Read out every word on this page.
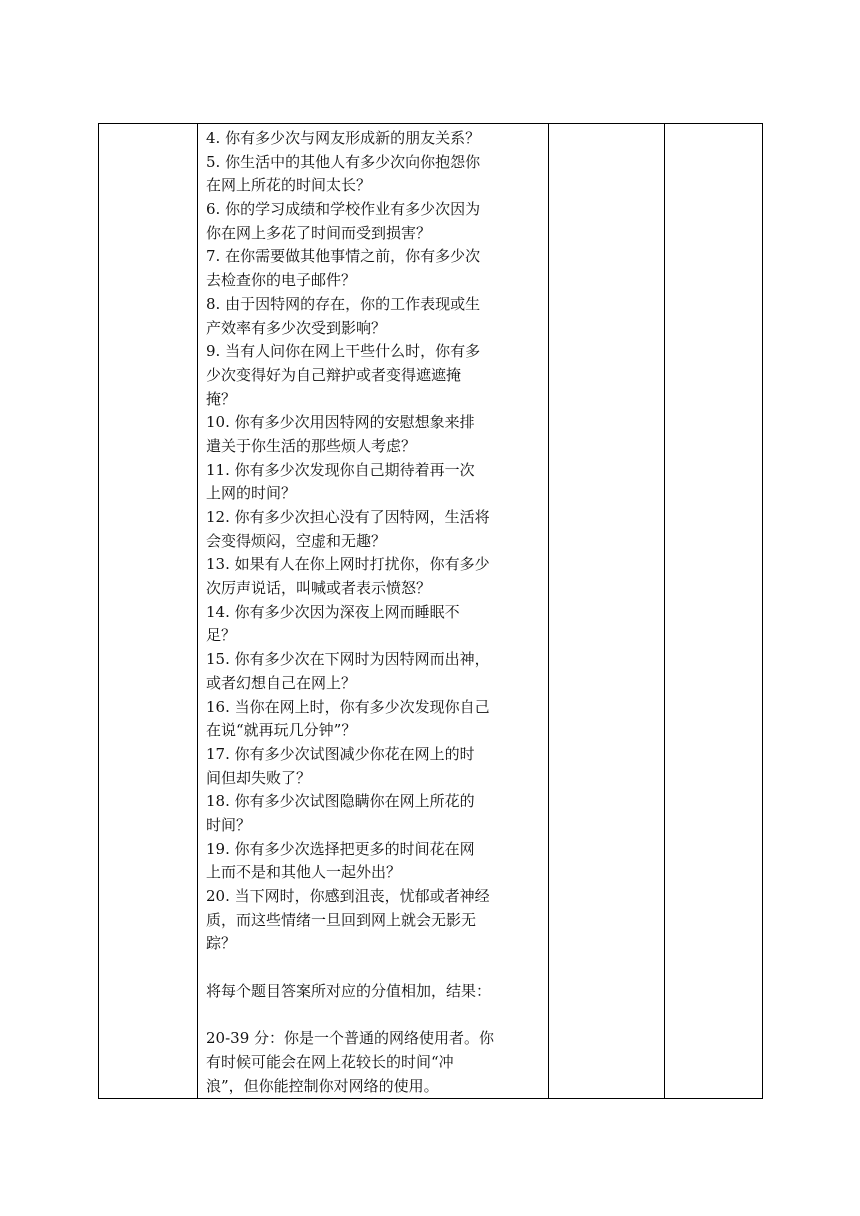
4. 你有多少次与网友形成新的朋友关系？
5. 你生活中的其他人有多少次向你抱怨你
在网上所花的时间太长？
6. 你的学习成绩和学校作业有多少次因为
你在网上多花了时间而受到损害？
7. 在你需要做其他事情之前，你有多少次
去检查你的电子邮件？
8. 由于因特网的存在，你的工作表现或生
产效率有多少次受到影响？
9. 当有人问你在网上干些什么时，你有多
少次变得好为自己辩护或者变得遮遮掩
掩？
10. 你有多少次用因特网的安慰想象来排
遣关于你生活的那些烦人考虑？
11. 你有多少次发现你自己期待着再一次
上网的时间？
12. 你有多少次担心没有了因特网，生活将
会变得烦闷，空虚和无趣？
13. 如果有人在你上网时打扰你，你有多少
次厉声说话，叫喊或者表示愤怒？
14. 你有多少次因为深夜上网而睡眠不
足？
15. 你有多少次在下网时为因特网而出神，
或者幻想自己在网上？
16. 当你在网上时，你有多少次发现你自己
在说“就再玩几分钟”？
17. 你有多少次试图减少你花在网上的时
间但却失败了？
18. 你有多少次试图隐瞒你在网上所花的
时间？
19. 你有多少次选择把更多的时间花在网
上而不是和其他人一起外出？
20. 当下网时，你感到沮丧，忧郁或者神经
质，而这些情绪一旦回到网上就会无影无
踪？
将每个题目答案所对应的分值相加，结果：
20-39 分：你是一个普通的网络使用者。你
有时候可能会在网上花较长的时间“冲
浪”，但你能控制你对网络的使用。
